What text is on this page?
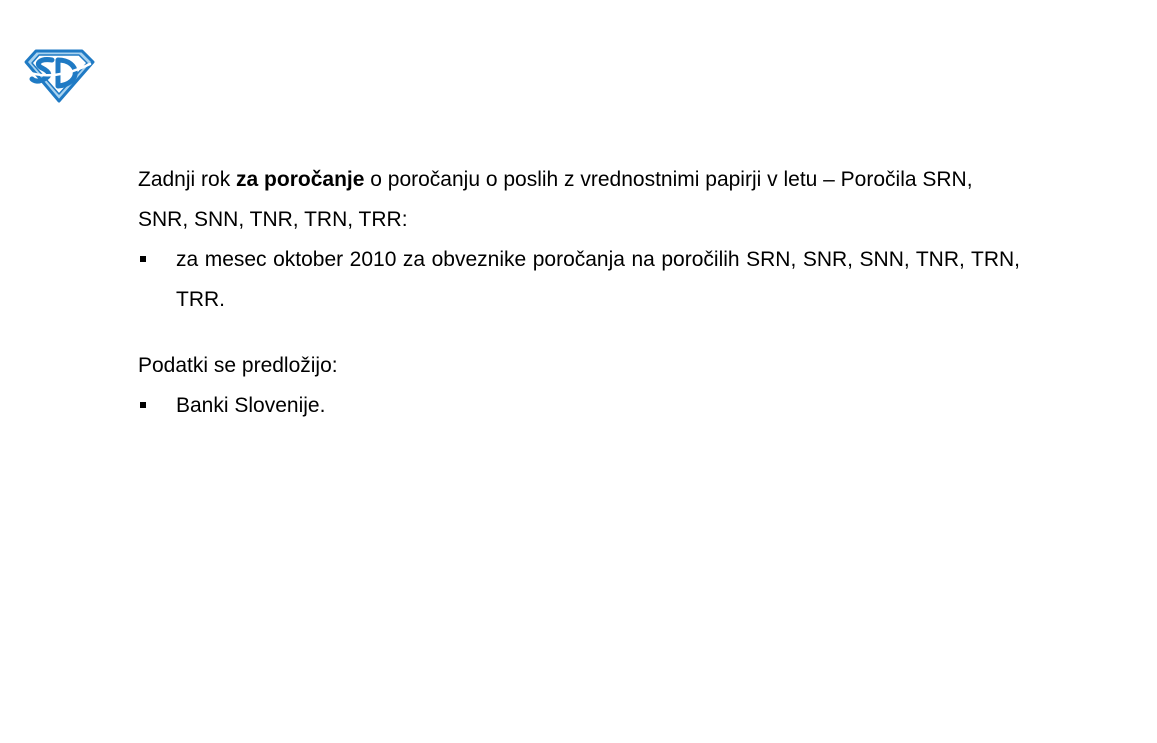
Zadnji rok za poročanje o poročanju o poslih z vrednostnimi papirji v letu – Poročila SRN, SNR, SNN, TNR, TRN, TRR:

za mesec oktober 2010 za obveznike poročanja na poročilih SRN, SNR, SNN, TNR, TRN, TRR.

Podatki se predložijo:

Banki Slovenije.
